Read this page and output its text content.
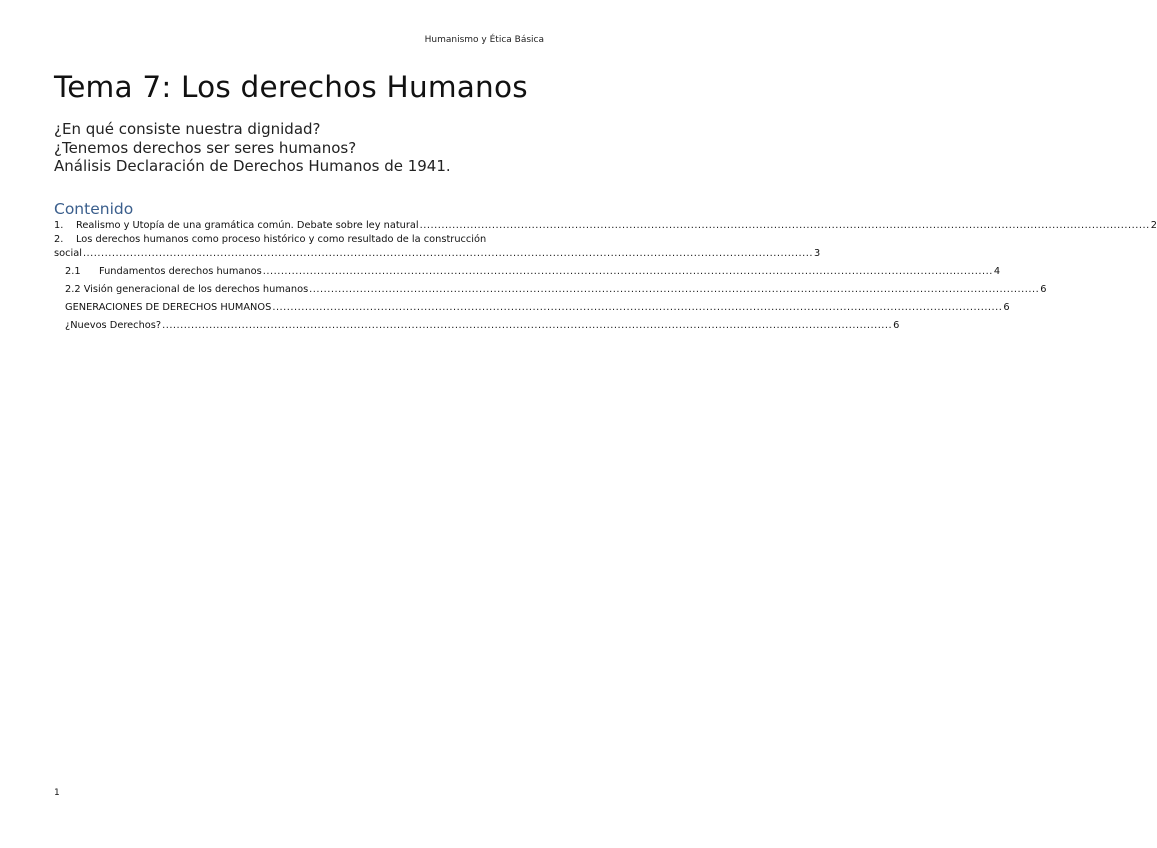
Humanismo y Ética Básica
Tema 7: Los derechos Humanos
¿En qué consiste nuestra dignidad?
¿Tenemos derechos ser seres humanos?
Análisis Declaración de Derechos Humanos de 1941.
Contenido
1. Realismo y Utopía de una gramática común. Debate sobre ley natural .......................................................................................................................................................................................................... 2
2. Los derechos humanos como proceso histórico y como resultado de la construcción
social .......................................................................................................................................................................................................... 3
2.1 Fundamentos derechos humanos .......................................................................................................................................................................................................... 4
2.2 Visión generacional de los derechos humanos .......................................................................................................................................................................................................... 6
GENERACIONES DE DERECHOS HUMANOS .......................................................................................................................................................................................................... 6
¿Nuevos Derechos? .......................................................................................................................................................................................................... 6
1
